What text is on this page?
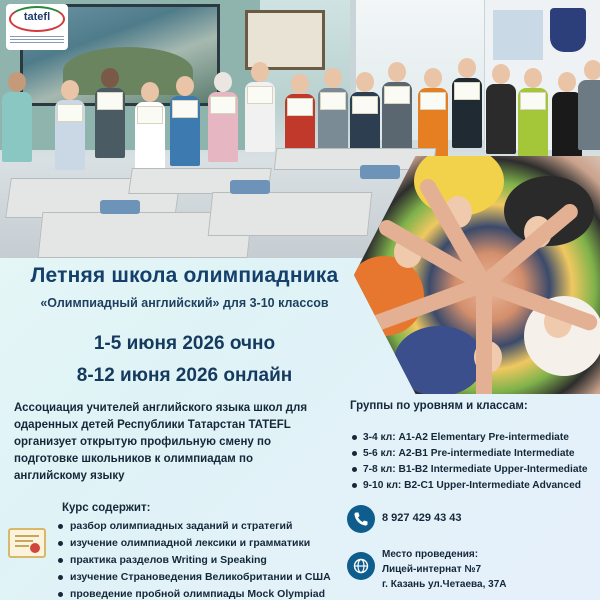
tatefl
Летняя школа олимпиадника
«Олимпиадный английский» для 3-10 классов
1-5 июня 2026 очно
8-12 июня 2026 онлайн

Ассоциация учителей английского языка школ для одаренных детей Республики Татарстан TATEFL организует открытую профильную смену по подготовке школьников к олимпиадам по английскому языку

Курс содержит:
разбор олимпиадных заданий и стратегий
изучение олимпиадной лексики и грамматики
практика разделов Writing и Speaking
изучение Страноведения Великобритании и США
проведение пробной олимпиады Mock Olympiad
Группы по уровням и классам:
3-4 кл: A1-A2 Elementary Pre-intermediate
5-6 кл: A2-B1 Pre-intermediate Intermediate
7-8 кл: B1-B2 Intermediate Upper-Intermediate
9-10 кл: B2-C1 Upper-Intermediate Advanced
8 927 429 43 43
Место проведения:
Лицей-интернат №7
г. Казань ул.Четаева, 37А
